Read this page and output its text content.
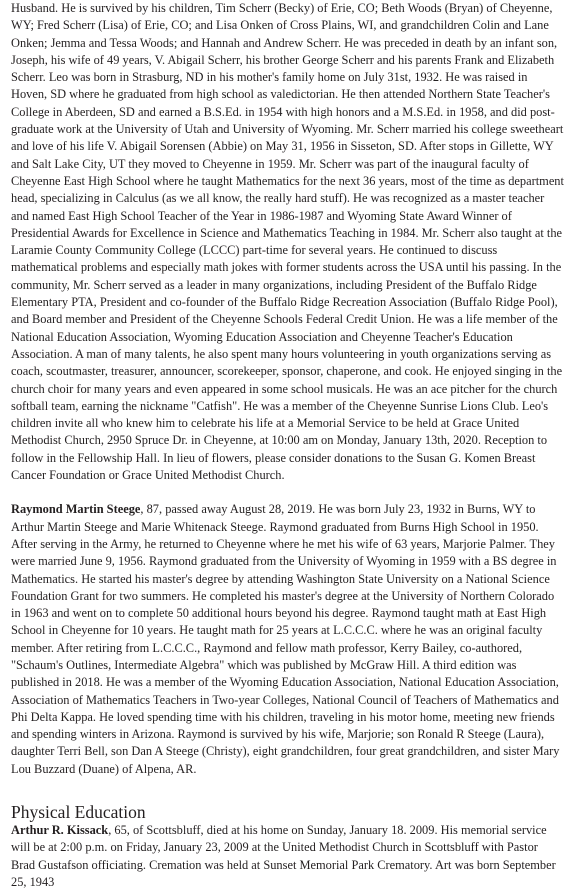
Husband. He is survived by his children, Tim Scherr (Becky) of Erie, CO; Beth Woods (Bryan) of Cheyenne, WY; Fred Scherr (Lisa) of Erie, CO; and Lisa Onken of Cross Plains, WI, and grandchildren Colin and Lane Onken; Jemma and Tessa Woods; and Hannah and Andrew Scherr. He was preceded in death by an infant son, Joseph, his wife of 49 years, V. Abigail Scherr, his brother George Scherr and his parents Frank and Elizabeth Scherr. Leo was born in Strasburg, ND in his mother's family home on July 31st, 1932. He was raised in Hoven, SD where he graduated from high school as valedictorian. He then attended Northern State Teacher's College in Aberdeen, SD and earned a B.S.Ed. in 1954 with high honors and a M.S.Ed. in 1958, and did post-graduate work at the University of Utah and University of Wyoming. Mr. Scherr married his college sweetheart and love of his life V. Abigail Sorensen (Abbie) on May 31, 1956 in Sisseton, SD. After stops in Gillette, WY and Salt Lake City, UT they moved to Cheyenne in 1959. Mr. Scherr was part of the inaugural faculty of Cheyenne East High School where he taught Mathematics for the next 36 years, most of the time as department head, specializing in Calculus (as we all know, the really hard stuff). He was recognized as a master teacher and named East High School Teacher of the Year in 1986-1987 and Wyoming State Award Winner of Presidential Awards for Excellence in Science and Mathematics Teaching in 1984. Mr. Scherr also taught at the Laramie County Community College (LCCC) part-time for several years. He continued to discuss mathematical problems and especially math jokes with former students across the USA until his passing. In the community, Mr. Scherr served as a leader in many organizations, including President of the Buffalo Ridge Elementary PTA, President and co-founder of the Buffalo Ridge Recreation Association (Buffalo Ridge Pool), and Board member and President of the Cheyenne Schools Federal Credit Union. He was a life member of the National Education Association, Wyoming Education Association and Cheyenne Teacher's Education Association. A man of many talents, he also spent many hours volunteering in youth organizations serving as coach, scoutmaster, treasurer, announcer, scorekeeper, sponsor, chaperone, and cook. He enjoyed singing in the church choir for many years and even appeared in some school musicals. He was an ace pitcher for the church softball team, earning the nickname "Catfish". He was a member of the Cheyenne Sunrise Lions Club. Leo's children invite all who knew him to celebrate his life at a Memorial Service to be held at Grace United Methodist Church, 2950 Spruce Dr. in Cheyenne, at 10:00 am on Monday, January 13th, 2020. Reception to follow in the Fellowship Hall. In lieu of flowers, please consider donations to the Susan G. Komen Breast Cancer Foundation or Grace United Methodist Church.

Raymond Martin Steege, 87, passed away August 28, 2019. He was born July 23, 1932 in Burns, WY to Arthur Martin Steege and Marie Whitenack Steege. Raymond graduated from Burns High School in 1950. After serving in the Army, he returned to Cheyenne where he met his wife of 63 years, Marjorie Palmer. They were married June 9, 1956. Raymond graduated from the University of Wyoming in 1959 with a BS degree in Mathematics. He started his master's degree by attending Washington State University on a National Science Foundation Grant for two summers. He completed his master's degree at the University of Northern Colorado in 1963 and went on to complete 50 additional hours beyond his degree. Raymond taught math at East High School in Cheyenne for 10 years. He taught math for 25 years at L.C.C.C. where he was an original faculty member. After retiring from L.C.C.C., Raymond and fellow math professor, Kerry Bailey, co-authored, "Schaum's Outlines, Intermediate Algebra" which was published by McGraw Hill. A third edition was published in 2018. He was a member of the Wyoming Education Association, National Education Association, Association of Mathematics Teachers in Two-year Colleges, National Council of Teachers of Mathematics and Phi Delta Kappa. He loved spending time with his children, traveling in his motor home, meeting new friends and spending winters in Arizona. Raymond is survived by his wife, Marjorie; son Ronald R Steege (Laura), daughter Terri Bell, son Dan A Steege (Christy), eight grandchildren, four great grandchildren, and sister Mary Lou Buzzard (Duane) of Alpena, AR.

Physical Education

Arthur R. Kissack, 65, of Scottsbluff, died at his home on Sunday, January 18. 2009. His memorial service will be at 2:00 p.m. on Friday, January 23, 2009 at the United Methodist Church in Scottsbluff with Pastor Brad Gustafson officiating. Cremation was held at Sunset Memorial Park Crematory. Art was born September 25, 1943
